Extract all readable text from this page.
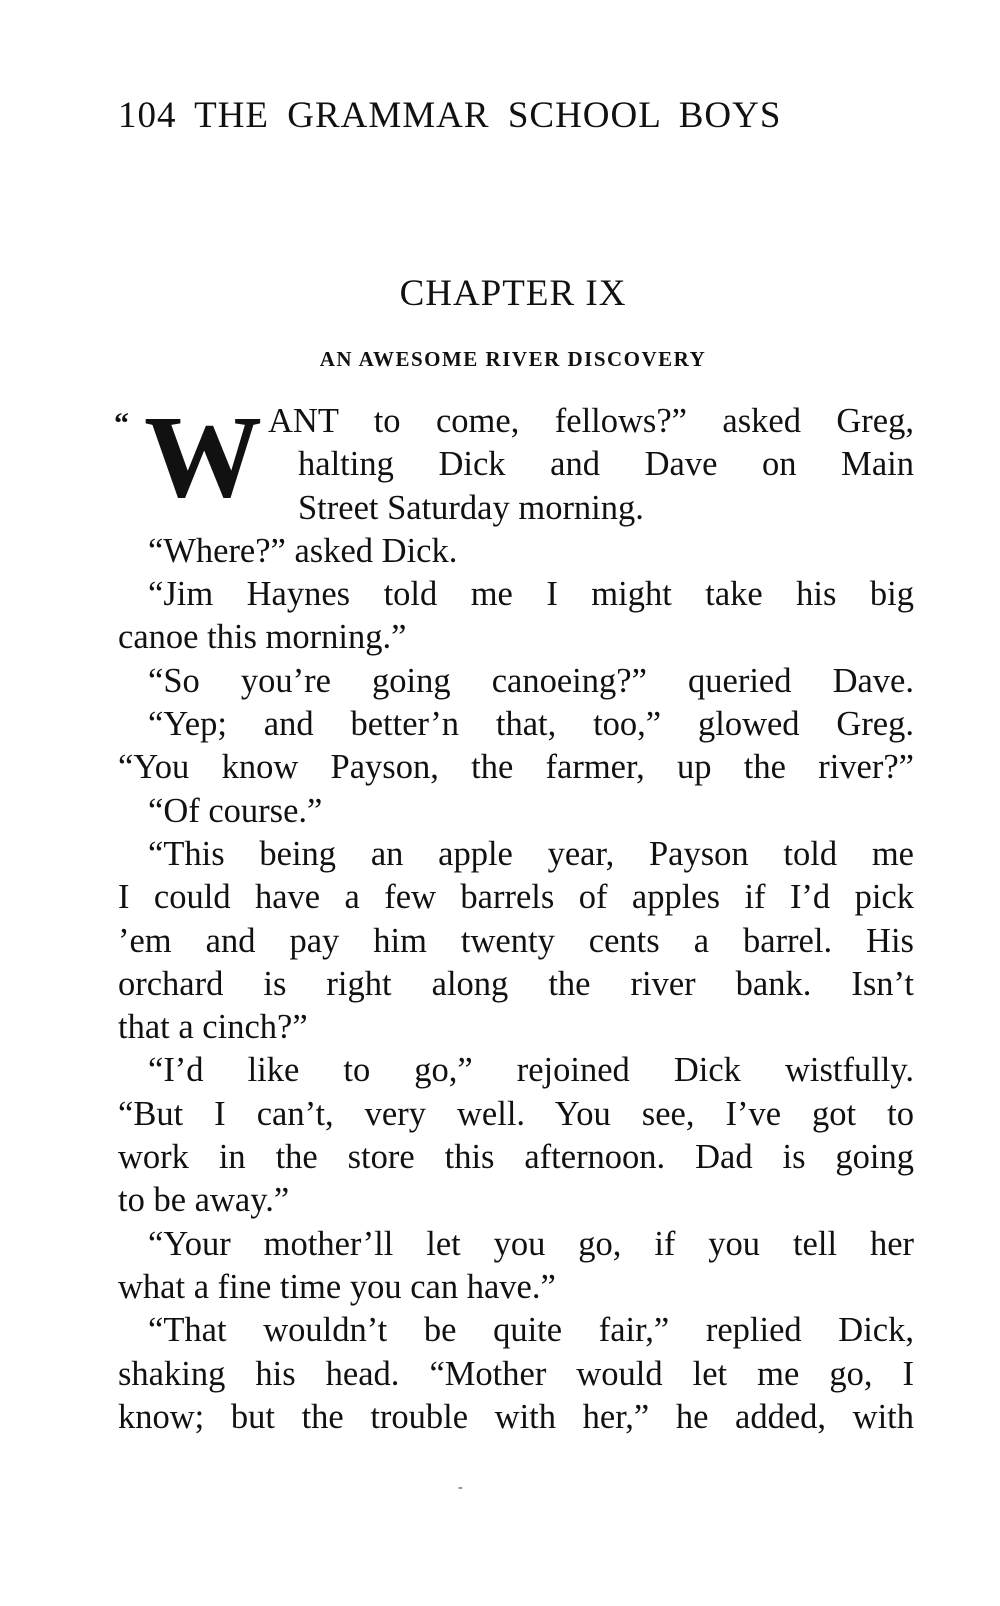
104 THE GRAMMAR SCHOOL BOYS
CHAPTER IX
AN AWESOME RIVER DISCOVERY
“ W ANT to come, fellows?” asked Greg,
halting Dick and Dave on Main
Street Saturday morning.
“Where?” asked Dick.
“Jim Haynes told me I might take his big
canoe this morning.”
“So you’re going canoeing?” queried Dave.
“Yep; and better’n that, too,” glowed Greg.
“You know Payson, the farmer, up the river?”
“Of course.”
“This being an apple year, Payson told me
I could have a few barrels of apples if I’d pick
’em and pay him twenty cents a barrel. His
orchard is right along the river bank. Isn’t
that a cinch?”
“I’d like to go,” rejoined Dick wistfully.
“But I can’t, very well. You see, I’ve got to
work in the store this afternoon. Dad is going
to be away.”
“Your mother’ll let you go, if you tell her
what a fine time you can have.”
“That wouldn’t be quite fair,” replied Dick,
shaking his head. “Mother would let me go, I
know; but the trouble with her,” he added, with
-
